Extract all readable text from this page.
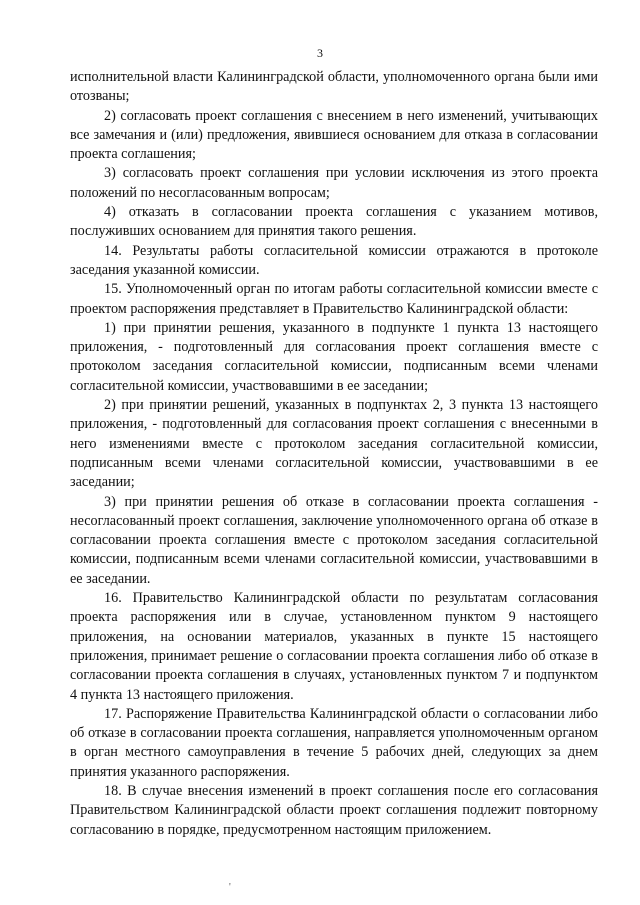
3

исполнительной власти Калининградской области, уполномоченного органа были ими отозваны;

2) согласовать проект соглашения с внесением в него изменений, учитывающих все замечания и (или) предложения, явившиеся основанием для отказа в согласовании проекта соглашения;

3) согласовать проект соглашения при условии исключения из этого проекта положений по несогласованным вопросам;

4) отказать в согласовании проекта соглашения с указанием мотивов, послуживших основанием для принятия такого решения.

14. Результаты работы согласительной комиссии отражаются в протоколе заседания указанной комиссии.

15. Уполномоченный орган по итогам работы согласительной комиссии вместе с проектом распоряжения представляет в Правительство Калининградской области:

1) при принятии решения, указанного в подпункте 1 пункта 13 настоящего приложения, - подготовленный для согласования проект соглашения вместе с протоколом заседания согласительной комиссии, подписанным всеми членами согласительной комиссии, участвовавшими в ее заседании;

2) при принятии решений, указанных в подпунктах 2, 3 пункта 13 настоящего приложения, - подготовленный для согласования проект соглашения с внесенными в него изменениями вместе с протоколом заседания согласительной комиссии, подписанным всеми членами согласительной комиссии, участвовавшими в ее заседании;

3) при принятии решения об отказе в согласовании проекта соглашения - несогласованный проект соглашения, заключение уполномоченного органа об отказе в согласовании проекта соглашения вместе с протоколом заседания согласительной комиссии, подписанным всеми членами согласительной комиссии, участвовавшими в ее заседании.

16. Правительство Калининградской области по результатам согласования проекта распоряжения или в случае, установленном пунктом 9 настоящего приложения, на основании материалов, указанных в пункте 15 настоящего приложения, принимает решение о согласовании проекта соглашения либо об отказе в согласовании проекта соглашения в случаях, установленных пунктом 7 и подпунктом 4 пункта 13 настоящего приложения.

17. Распоряжение Правительства Калининградской области о согласовании либо об отказе в согласовании проекта соглашения, направляется уполномоченным органом в орган местного самоуправления в течение 5 рабочих дней, следующих за днем принятия указанного распоряжения.

18. В случае внесения изменений в проект соглашения после его согласования Правительством Калининградской области проект соглашения подлежит повторному согласованию в порядке, предусмотренном настоящим приложением.

'
